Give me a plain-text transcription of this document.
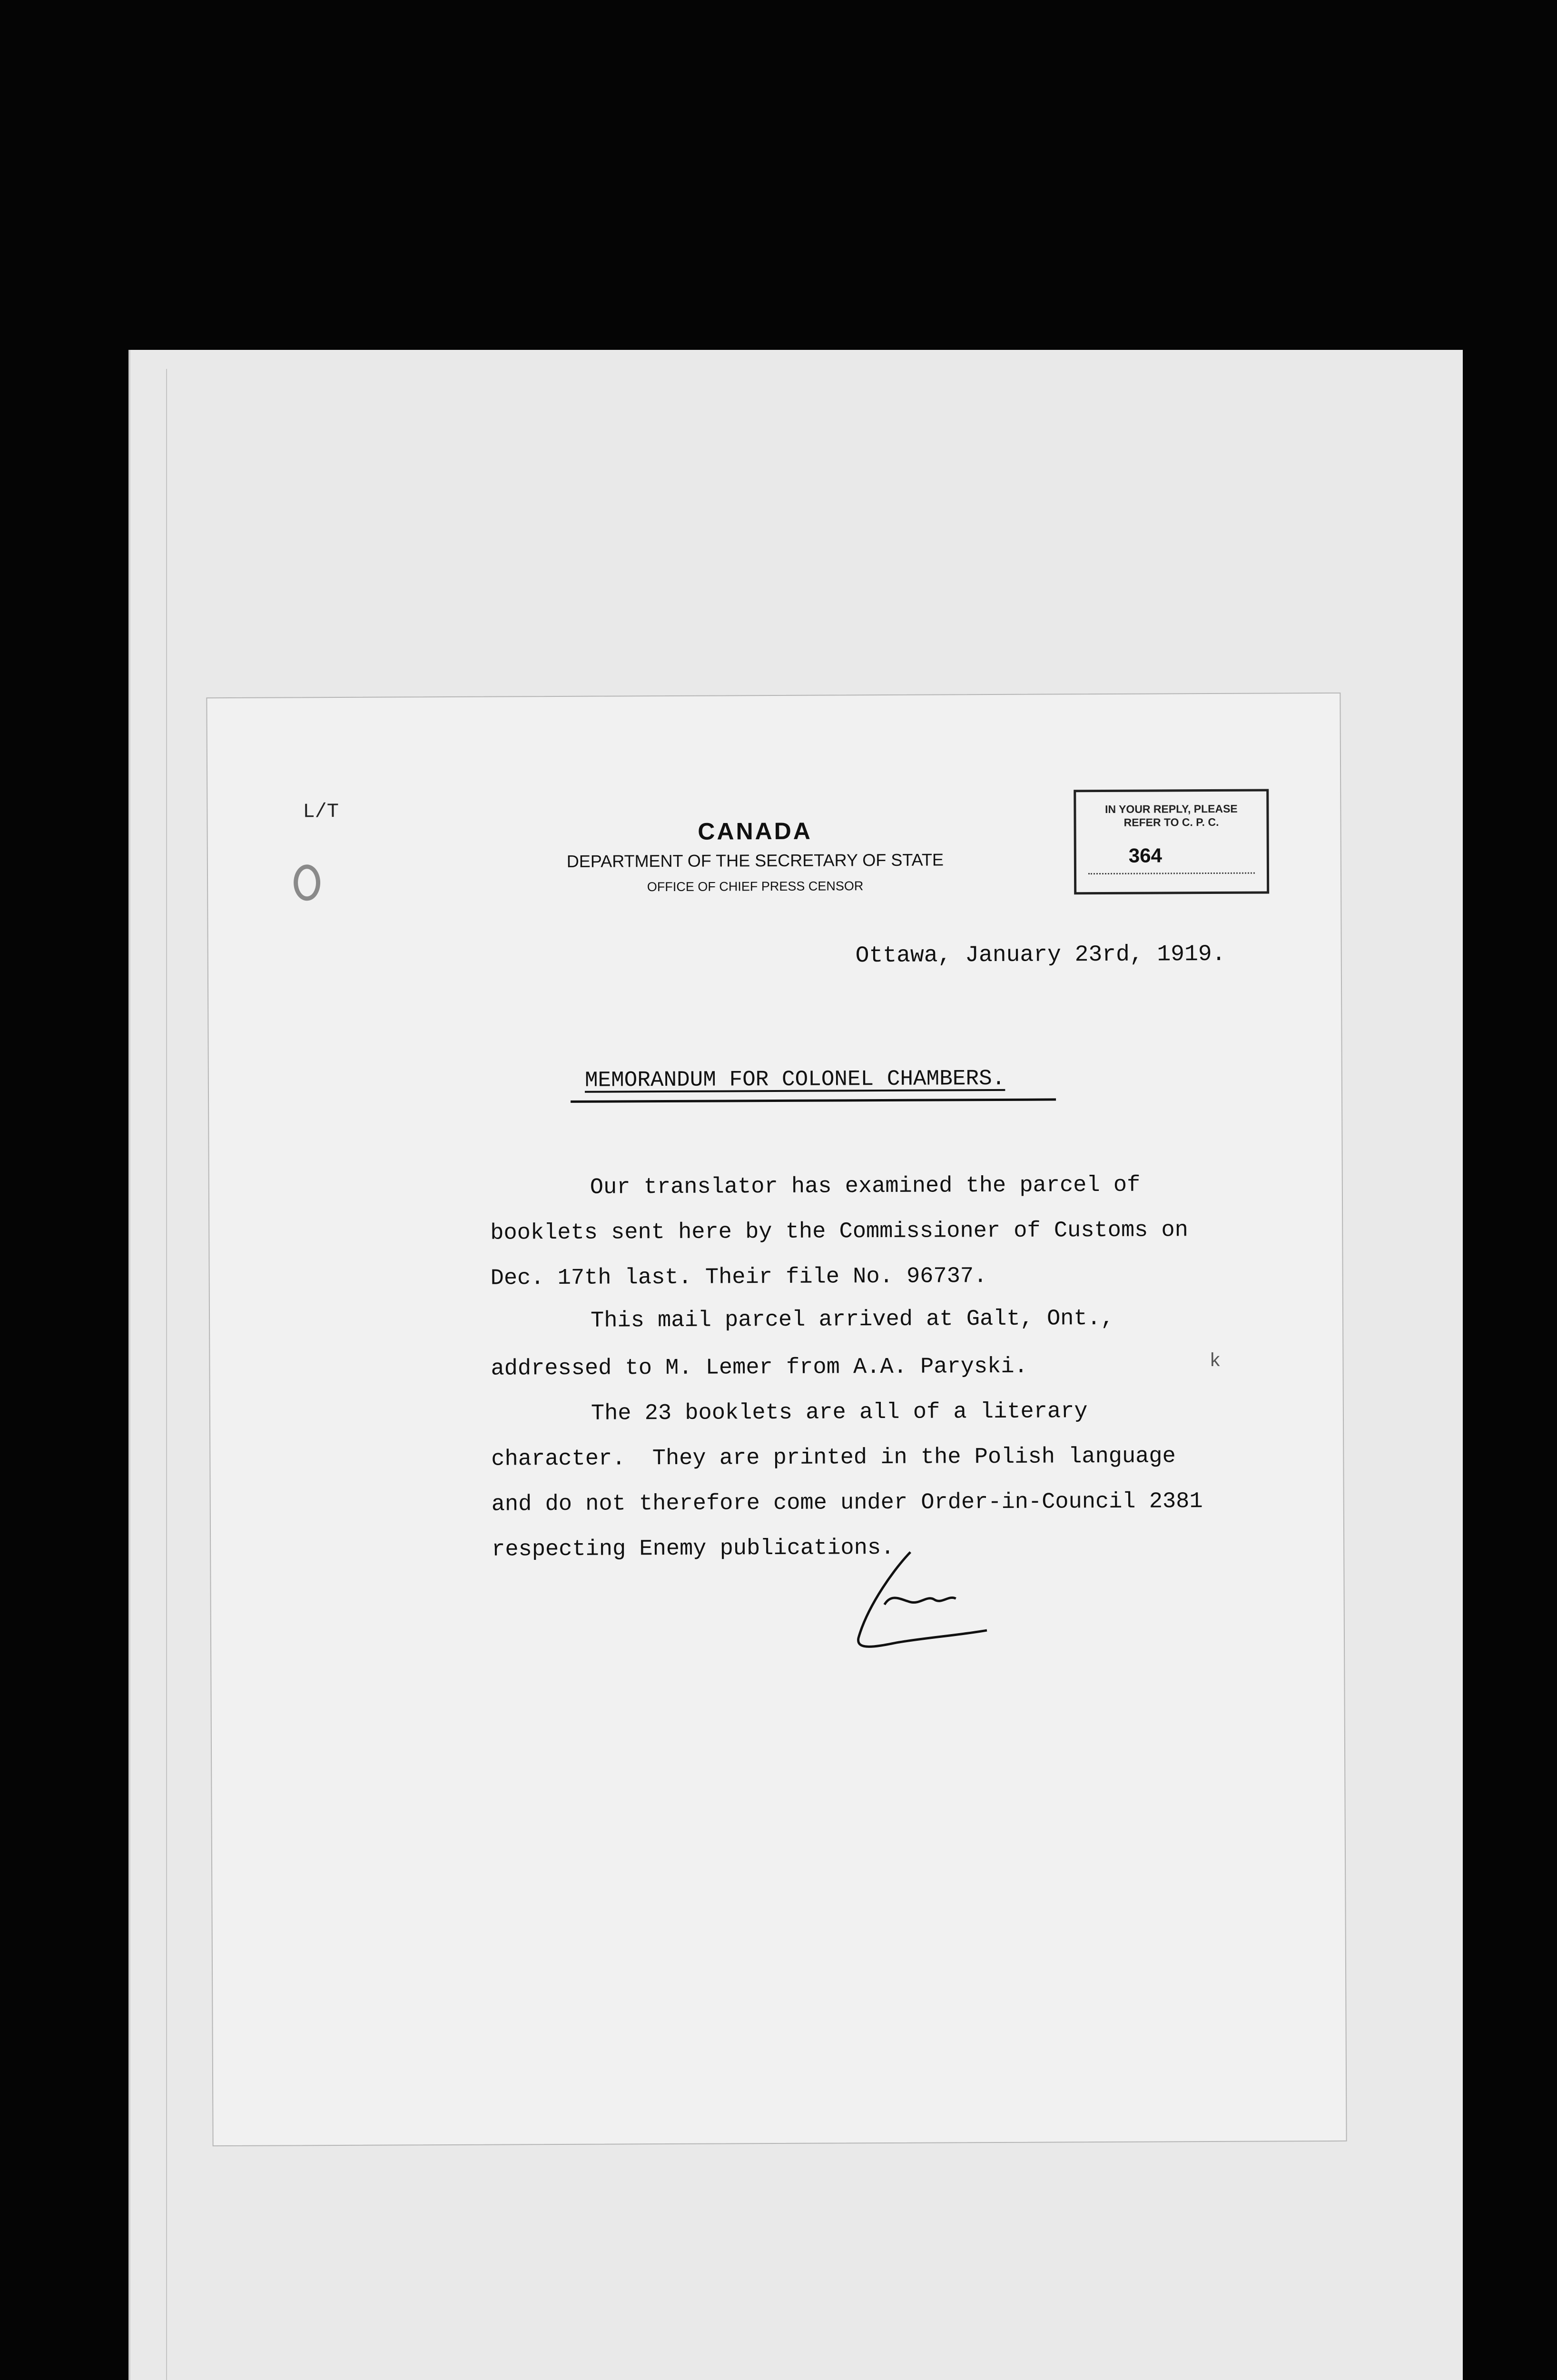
L/T
CANADA
DEPARTMENT OF THE SECRETARY OF STATE
OFFICE OF CHIEF PRESS CENSOR
IN YOUR REPLY, PLEASE
REFER TO C. P. C.
364
Ottawa, January 23rd, 1919.
MEMORANDUM FOR COLONEL CHAMBERS.
Our translator has examined the parcel of
booklets sent here by the Commissioner of Customs on
Dec. 17th last. Their file No. 96737.
This mail parcel arrived at Galt, Ont.,
addressed to M. Lemer from A.A. Paryski.
The 23 booklets are all of a literary
character.  They are printed in the Polish language
and do not therefore come under Order-in-Council 2381
respecting Enemy publications.
k
